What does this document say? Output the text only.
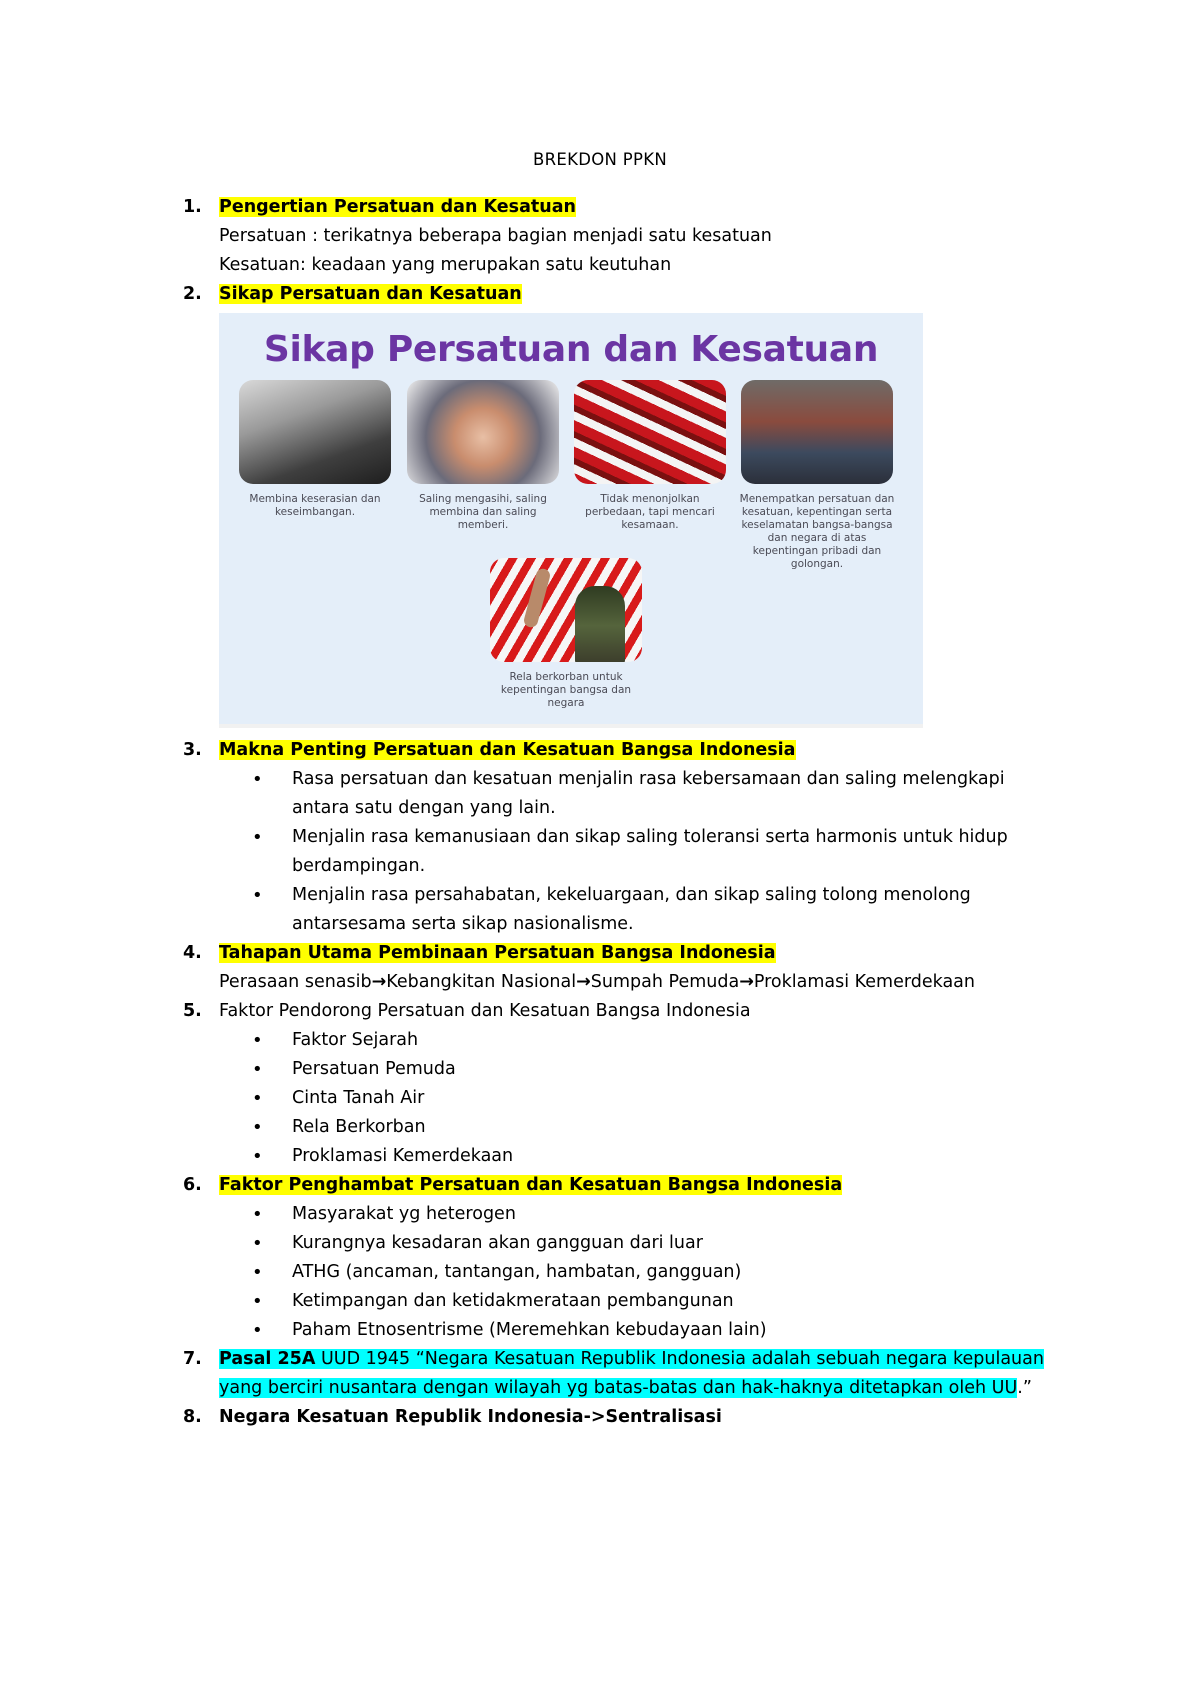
BREKDON PPKN
1. Pengertian Persatuan dan Kesatuan
Persatuan : terikatnya beberapa bagian menjadi satu kesatuan
Kesatuan: keadaan yang merupakan satu keutuhan
2. Sikap Persatuan dan Kesatuan
Sikap Persatuan dan Kesatuan
Membina keserasian dan keseimbangan.
Saling mengasihi, saling membina dan saling memberi.
Tidak menonjolkan perbedaan, tapi mencari kesamaan.
Menempatkan persatuan dan kesatuan, kepentingan serta keselamatan bangsa-bangsa dan negara di atas kepentingan pribadi dan golongan.
Rela berkorban untuk kepentingan bangsa dan negara
3. Makna Penting Persatuan dan Kesatuan Bangsa Indonesia
• Rasa persatuan dan kesatuan menjalin rasa kebersamaan dan saling melengkapi
antara satu dengan yang lain.
• Menjalin rasa kemanusiaan dan sikap saling toleransi serta harmonis untuk hidup
berdampingan.
• Menjalin rasa persahabatan, kekeluargaan, dan sikap saling tolong menolong
antarsesama serta sikap nasionalisme.
4. Tahapan Utama Pembinaan Persatuan Bangsa Indonesia
Perasaan senasib→Kebangkitan Nasional→Sumpah Pemuda→Proklamasi Kemerdekaan
5. Faktor Pendorong Persatuan dan Kesatuan Bangsa Indonesia
• Faktor Sejarah
• Persatuan Pemuda
• Cinta Tanah Air
• Rela Berkorban
• Proklamasi Kemerdekaan
6. Faktor Penghambat Persatuan dan Kesatuan Bangsa Indonesia
• Masyarakat yg heterogen
• Kurangnya kesadaran akan gangguan dari luar
• ATHG (ancaman, tantangan, hambatan, gangguan)
• Ketimpangan dan ketidakmerataan pembangunan
• Paham Etnosentrisme (Meremehkan kebudayaan lain)
7. Pasal 25A UUD 1945 “Negara Kesatuan Republik Indonesia adalah sebuah negara kepulauan
yang berciri nusantara dengan wilayah yg batas-batas dan hak-haknya ditetapkan oleh UU.”
8. Negara Kesatuan Republik Indonesia->Sentralisasi
